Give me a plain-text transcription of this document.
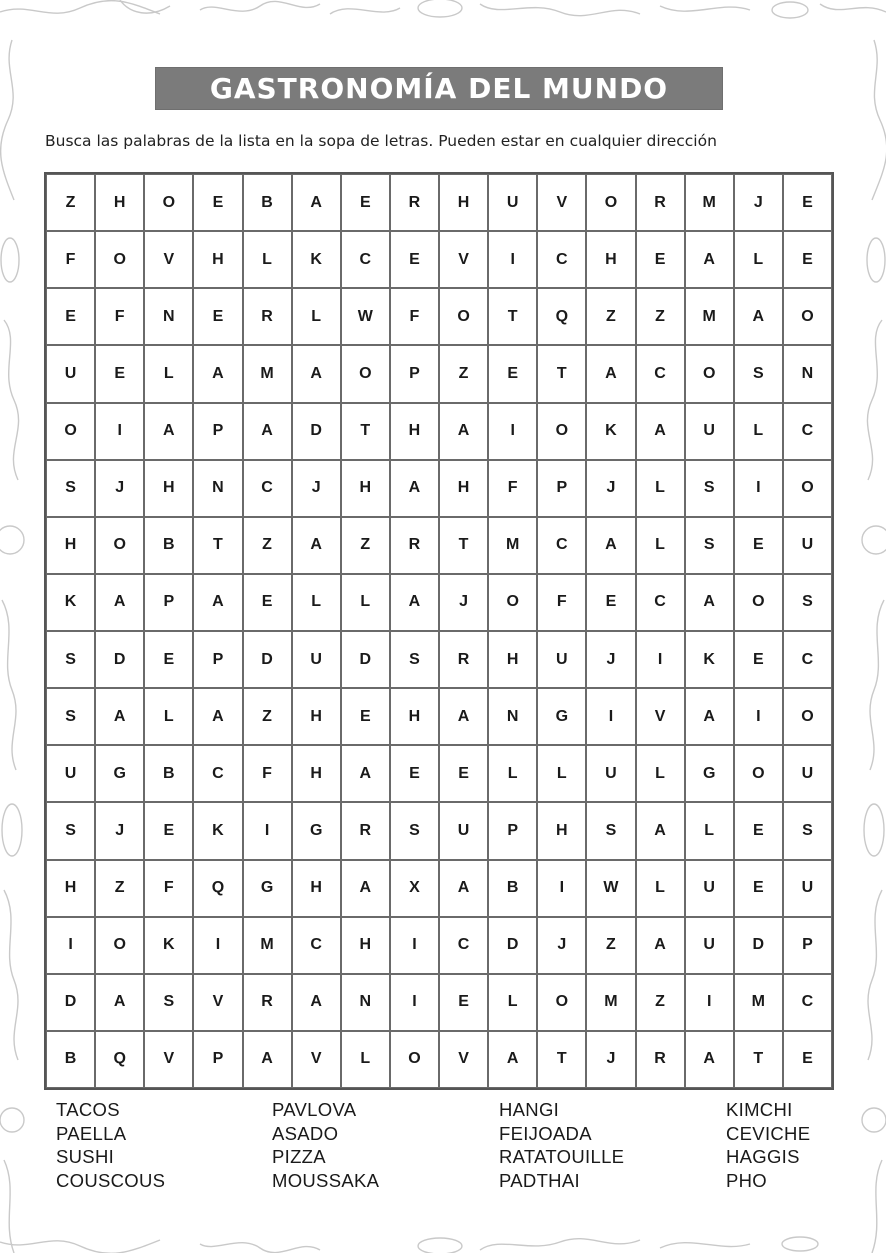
GASTRONOMÍA DEL MUNDO
Busca las palabras de la lista en la sopa de letras. Pueden estar en cualquier dirección
Z	H	O	E	B	A	E	R	H	U	V	O	R	M	J	E
F	O	V	H	L	K	C	E	V	I	C	H	E	A	L	E
E	F	N	E	R	L	W	F	O	T	Q	Z	Z	M	A	O
U	E	L	A	M	A	O	P	Z	E	T	A	C	O	S	N
O	I	A	P	A	D	T	H	A	I	O	K	A	U	L	C
S	J	H	N	C	J	H	A	H	F	P	J	L	S	I	O
H	O	B	T	Z	A	Z	R	T	M	C	A	L	S	E	U
K	A	P	A	E	L	L	A	J	O	F	E	C	A	O	S
S	D	E	P	D	U	D	S	R	H	U	J	I	K	E	C
S	A	L	A	Z	H	E	H	A	N	G	I	V	A	I	O
U	G	B	C	F	H	A	E	E	L	L	U	L	G	O	U
S	J	E	K	I	G	R	S	U	P	H	S	A	L	E	S
H	Z	F	Q	G	H	A	X	A	B	I	W	L	U	E	U
I	O	K	I	M	C	H	I	C	D	J	Z	A	U	D	P
D	A	S	V	R	A	N	I	E	L	O	M	Z	I	M	C
B	Q	V	P	A	V	L	O	V	A	T	J	R	A	T	E
TACOS
PAELLA
SUSHI
COUSCOUS
PAVLOVA
ASADO
PIZZA
MOUSSAKA
HANGI
FEIJOADA
RATATOUILLE
PADTHAI
KIMCHI
CEVICHE
HAGGIS
PHO
